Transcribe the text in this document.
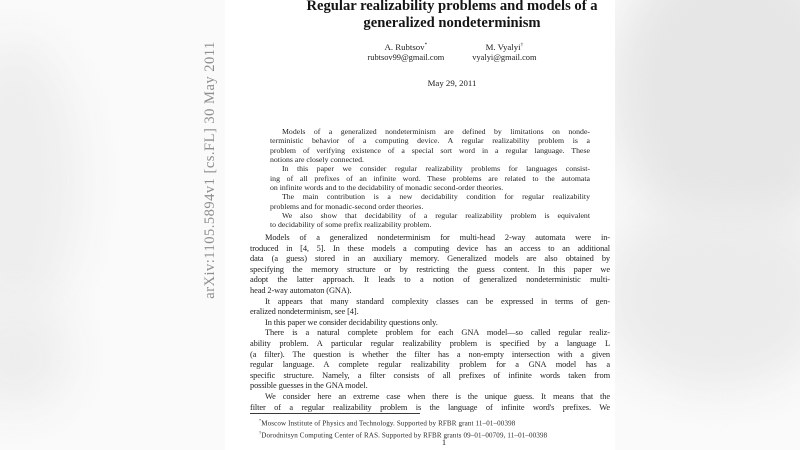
arXiv:1105.5894v1 [cs.FL] 30 May 2011
Regular realizability problems and models of a
generalized nondeterminism
A. Rubtsov*
rubtsov99@gmail.com
M. Vyalyi†
vyalyi@gmail.com
May 29, 2011
Models of a generalized nondeterminism are defined by limitations on nonde-
terministic behavior of a computing device. A regular realizability problem is a
problem of verifying existence of a special sort word in a regular language. These
notions are closely connected.
In this paper we consider regular realizability problems for languages consist-
ing of all prefixes of an infinite word. These problems are related to the automata
on infinite words and to the decidability of monadic second-order theories.
The main contribution is a new decidability condition for regular realizability
problems and for monadic-second order theories.
We also show that decidability of a regular realizability problem is equivalent
to decidability of some prefix realizability problem.
Models of a generalized nondeterminism for multi-head 2-way automata were in-
troduced in [4, 5]. In these models a computing device has an access to an additional
data (a guess) stored in an auxiliary memory. Generalized models are also obtained by
specifying the memory structure or by restricting the guess content. In this paper we
adopt the latter approach. It leads to a notion of generalized nondeterministic multi-
head 2-way automaton (GNA).
It appears that many standard complexity classes can be expressed in terms of gen-
eralized nondeterminism, see [4].
In this paper we consider decidability questions only.
There is a natural complete problem for each GNA model—so called regular realiz-
ability problem. A particular regular realizability problem is specified by a language L
(a filter). The question is whether the filter has a non-empty intersection with a given
regular language. A complete regular realizability problem for a GNA model has a
specific structure. Namely, a filter consists of all prefixes of infinite words taken from
possible guesses in the GNA model.
We consider here an extreme case when there is the unique guess. It means that the
filter of a regular realizability problem is the language of infinite word's prefixes. We
*Moscow Institute of Physics and Technology. Supported by RFBR grant 11–01–00398
†Dorodnitsyn Computing Center of RAS. Supported by RFBR grants 09–01–00709, 11–01–00398
1
